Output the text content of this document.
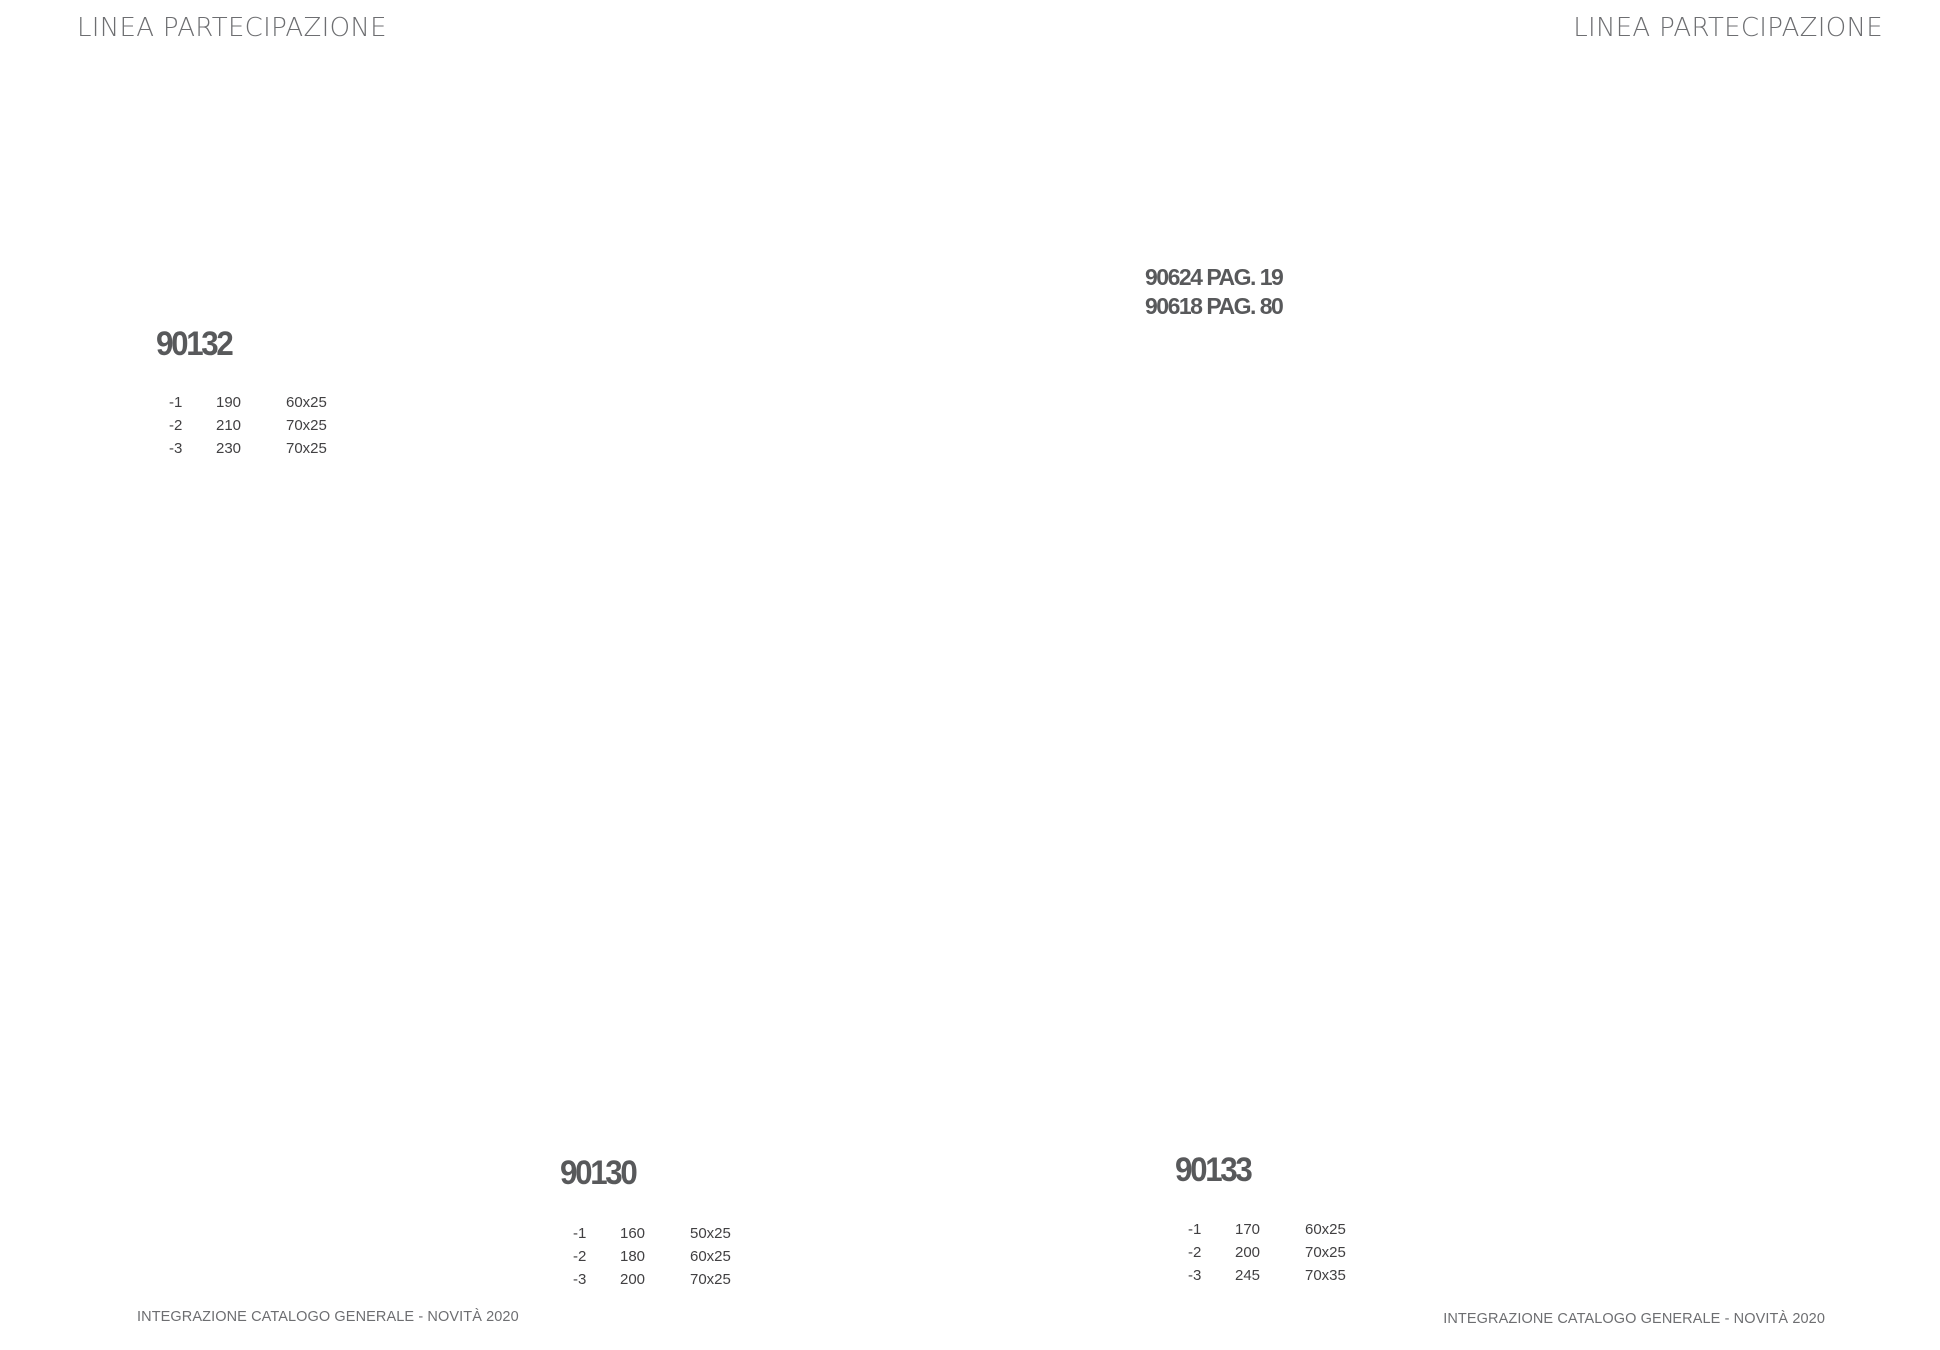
LINEA PARTECIPAZIONE	LINEA PARTECIPAZIONE
90624 PAG. 19
90618 PAG. 80
90132
-1	190	60x25
-2	210	70x25
-3	230	70x25
90130
-1	160	50x25
-2	180	60x25
-3	200	70x25
90133
-1	170	60x25
-2	200	70x25
-3	245	70x35
INTEGRAZIONE CATALOGO GENERALE - NOVITÀ 2020	INTEGRAZIONE CATALOGO GENERALE - NOVITÀ 2020
